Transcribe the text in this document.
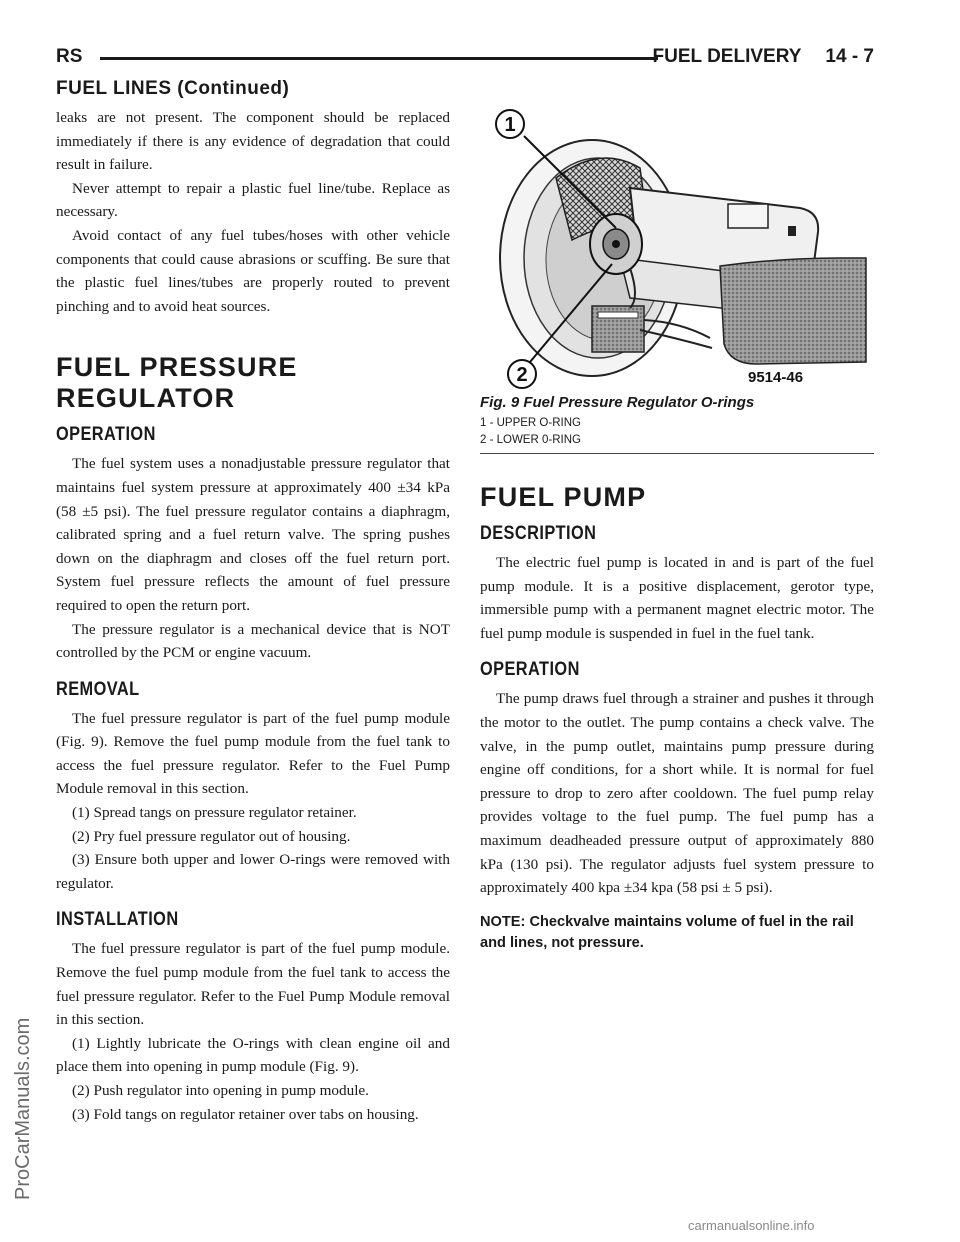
RS	FUEL DELIVERY 14 - 7
FUEL LINES (Continued)

leaks are not present. The component should be replaced immediately if there is any evidence of degradation that could result in failure.

Never attempt to repair a plastic fuel line/tube. Replace as necessary.

Avoid contact of any fuel tubes/hoses with other vehicle components that could cause abrasions or scuffing. Be sure that the plastic fuel lines/tubes are properly routed to prevent pinching and to avoid heat sources.

FUEL PRESSURE REGULATOR
OPERATION

The fuel system uses a nonadjustable pressure regulator that maintains fuel system pressure at approximately 400 ±34 kPa (58 ±5 psi). The fuel pressure regulator contains a diaphragm, calibrated spring and a fuel return valve. The spring pushes down on the diaphragm and closes off the fuel return port. System fuel pressure reflects the amount of fuel pressure required to open the return port.

The pressure regulator is a mechanical device that is NOT controlled by the PCM or engine vacuum.

REMOVAL

The fuel pressure regulator is part of the fuel pump module (Fig. 9). Remove the fuel pump module from the fuel tank to access the fuel pressure regulator. Refer to the Fuel Pump Module removal in this section.

(1) Spread tangs on pressure regulator retainer.

(2) Pry fuel pressure regulator out of housing.

(3) Ensure both upper and lower O-rings were removed with regulator.

INSTALLATION

The fuel pressure regulator is part of the fuel pump module. Remove the fuel pump module from the fuel tank to access the fuel pressure regulator. Refer to the Fuel Pump Module removal in this section.

(1) Lightly lubricate the O-rings with clean engine oil and place them into opening in pump module (Fig. 9).

(2) Push regulator into opening in pump module.

(3) Fold tangs on regulator retainer over tabs on housing.

1
2	9514-46
Fig. 9 Fuel Pressure Regulator O-rings
1 - UPPER O-RING
2 - LOWER 0-RING
FUEL PUMP
DESCRIPTION

The electric fuel pump is located in and is part of the fuel pump module. It is a positive displacement, gerotor type, immersible pump with a permanent magnet electric motor. The fuel pump module is suspended in fuel in the fuel tank.

OPERATION

The pump draws fuel through a strainer and pushes it through the motor to the outlet. The pump contains a check valve. The valve, in the pump outlet, maintains pump pressure during engine off conditions, for a short while. It is normal for fuel pressure to drop to zero after cooldown. The fuel pump relay provides voltage to the fuel pump. The fuel pump has a maximum deadheaded pressure output of approximately 880 kPa (130 psi). The regulator adjusts fuel system pressure to approximately 400 kpa ±34 kpa (58 psi ± 5 psi).

NOTE: Checkvalve maintains volume of fuel in the rail and lines, not pressure.

ProCarManuals.com
carmanualsonline.info
